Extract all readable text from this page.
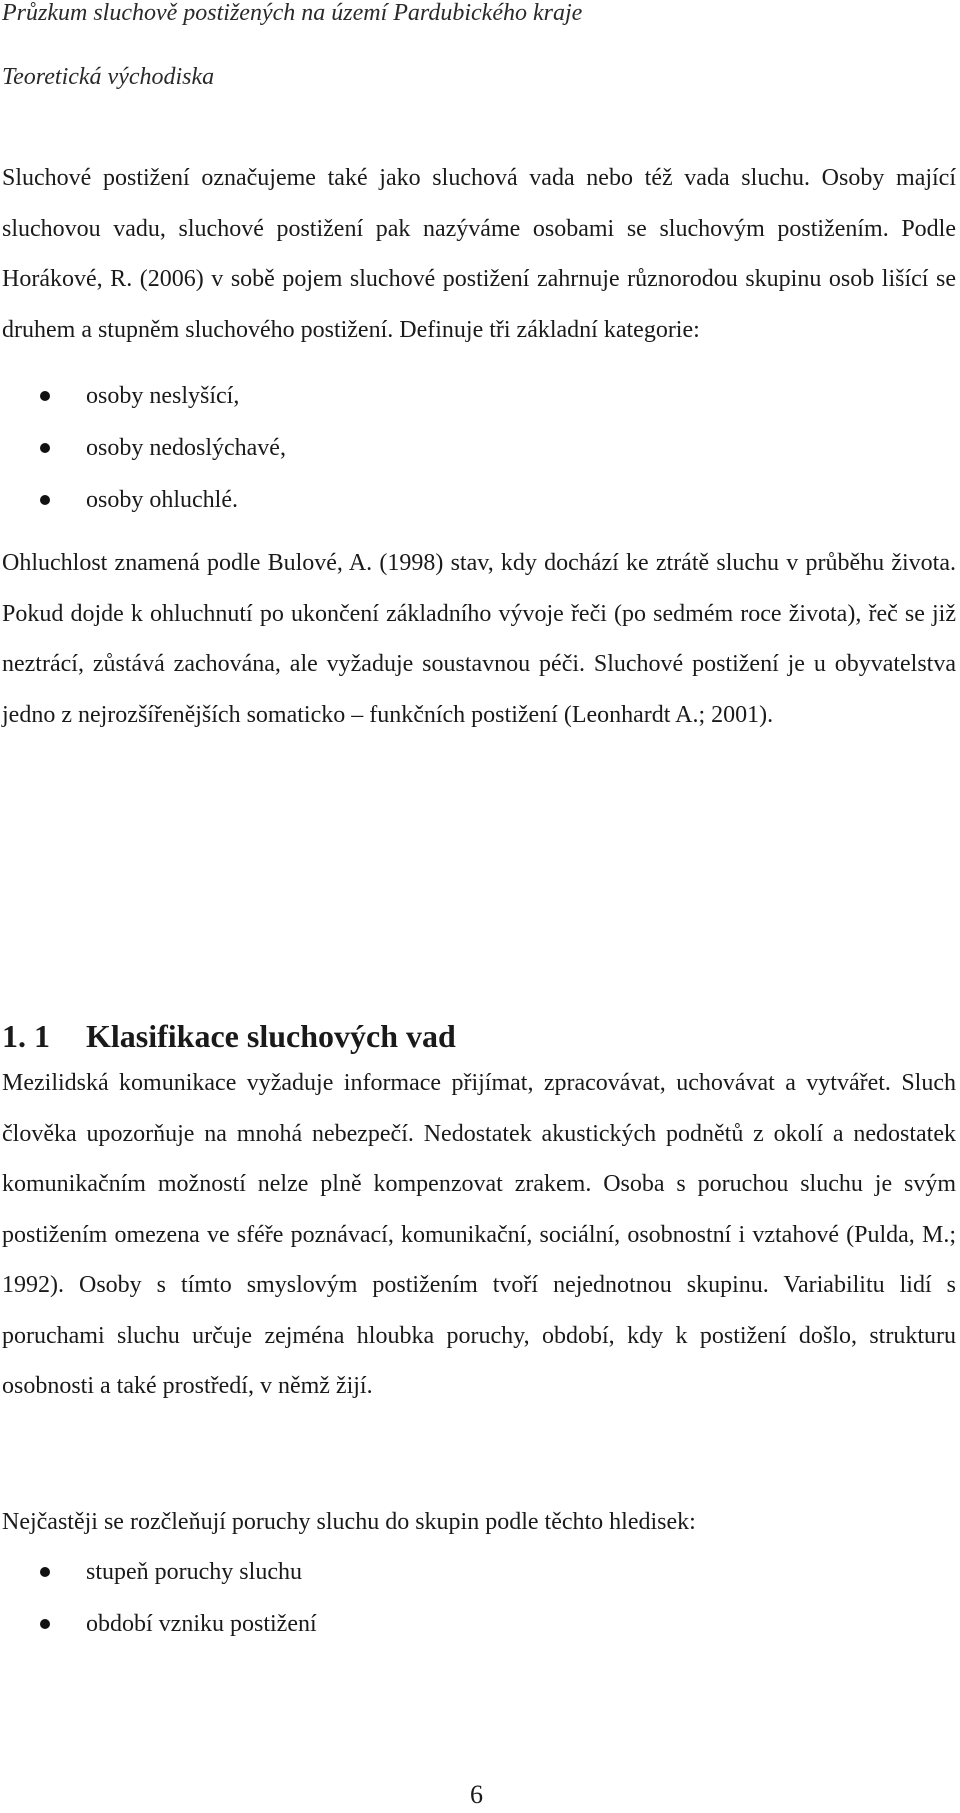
Průzkum sluchově postižených na území Pardubického kraje
Teoretická východiska

Sluchové postižení označujeme také jako sluchová vada nebo též vada sluchu. Osoby mající sluchovou vadu, sluchové postižení pak nazýváme osobami se sluchovým postižením. Podle Horákové, R. (2006) v sobě pojem sluchové postižení zahrnuje různorodou skupinu osob lišící se druhem a stupněm sluchového postižení. Definuje tři základní kategorie:

osoby neslyšící,
osoby nedoslýchavé,
osoby ohluchlé.

Ohluchlost znamená podle Bulové, A. (1998) stav, kdy dochází ke ztrátě sluchu v průběhu života. Pokud dojde k ohluchnutí po ukončení základního vývoje řeči (po sedmém roce života), řeč se již neztrácí, zůstává zachována, ale vyžaduje soustavnou péči. Sluchové postižení je u obyvatelstva jedno z nejrozšířenějších somaticko – funkčních postižení (Leonhardt A.; 2001).

1. 1 Klasifikace sluchových vad

Mezilidská komunikace vyžaduje informace přijímat, zpracovávat, uchovávat a vytvářet. Sluch člověka upozorňuje na mnohá nebezpečí. Nedostatek akustických podnětů z okolí a nedostatek komunikačním možností nelze plně kompenzovat zrakem. Osoba s poruchou sluchu je svým postižením omezena ve sféře poznávací, komunikační, sociální, osobnostní i vztahové (Pulda, M.; 1992). Osoby s tímto smyslovým postižením tvoří nejednotnou skupinu. Variabilitu lidí s poruchami sluchu určuje zejména hloubka poruchy, období, kdy k postižení došlo, strukturu osobnosti a také prostředí, v němž žijí.

Nejčastěji se rozčleňují poruchy sluchu do skupin podle těchto hledisek:

stupeň poruchy sluchu
období vzniku postižení
6
